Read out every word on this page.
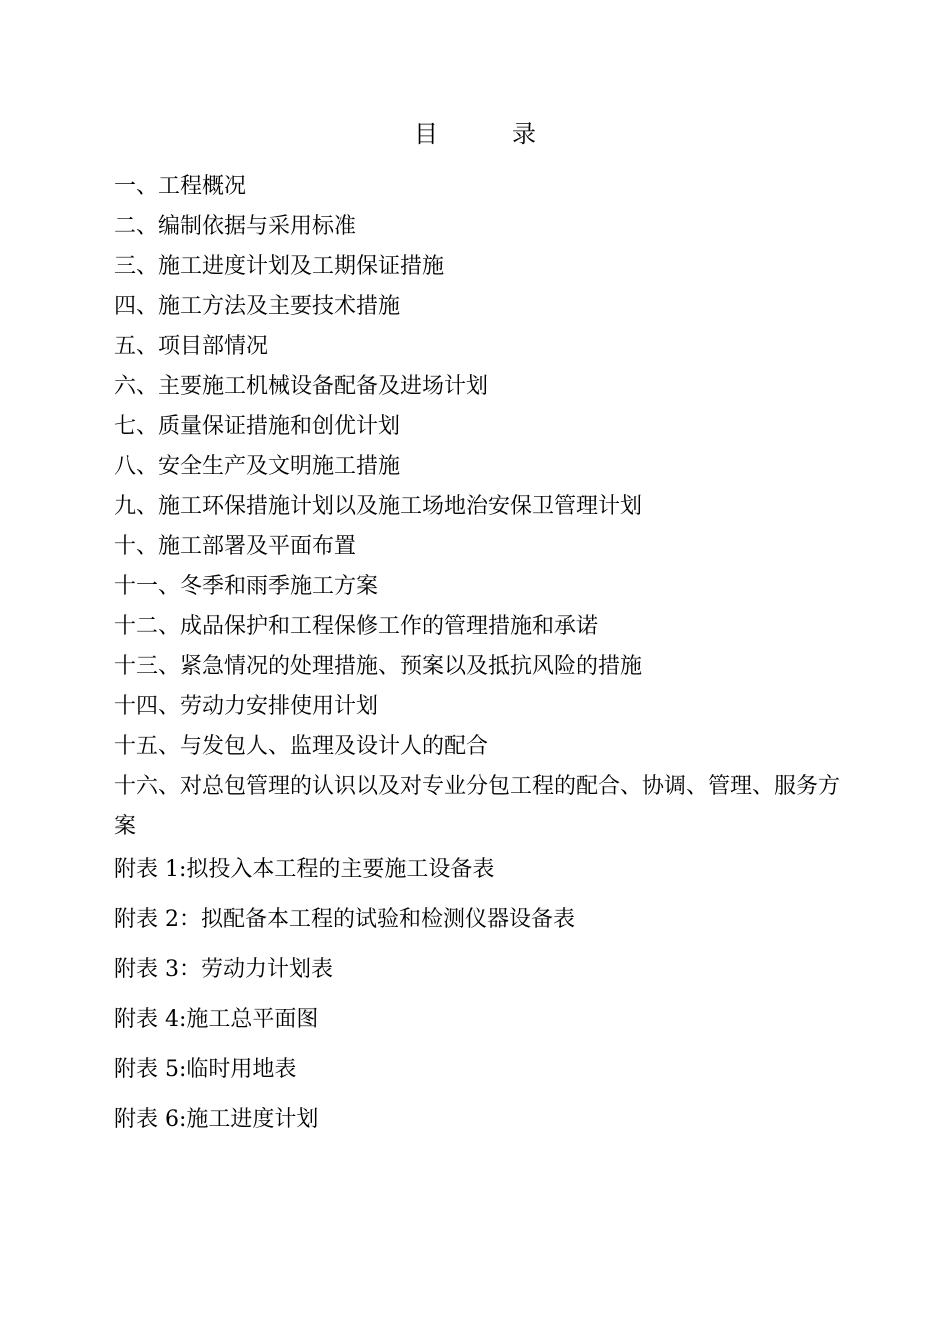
目	录
一、工程概况
二、编制依据与采用标准
三、施工进度计划及工期保证措施
四、施工方法及主要技术措施
五、项目部情况
六、主要施工机械设备配备及进场计划
七、质量保证措施和创优计划
八、安全生产及文明施工措施
九、施工环保措施计划以及施工场地治安保卫管理计划
十、施工部署及平面布置
十一、冬季和雨季施工方案
十二、成品保护和工程保修工作的管理措施和承诺
十三、紧急情况的处理措施、预案以及抵抗风险的措施
十四、劳动力安排使用计划
十五、与发包人、监理及设计人的配合
十六、对总包管理的认识以及对专业分包工程的配合、协调、管理、服务方案
附表 1:拟投入本工程的主要施工设备表
附表 2：拟配备本工程的试验和检测仪器设备表
附表 3：劳动力计划表
附表 4:施工总平面图
附表 5:临时用地表
附表 6:施工进度计划
